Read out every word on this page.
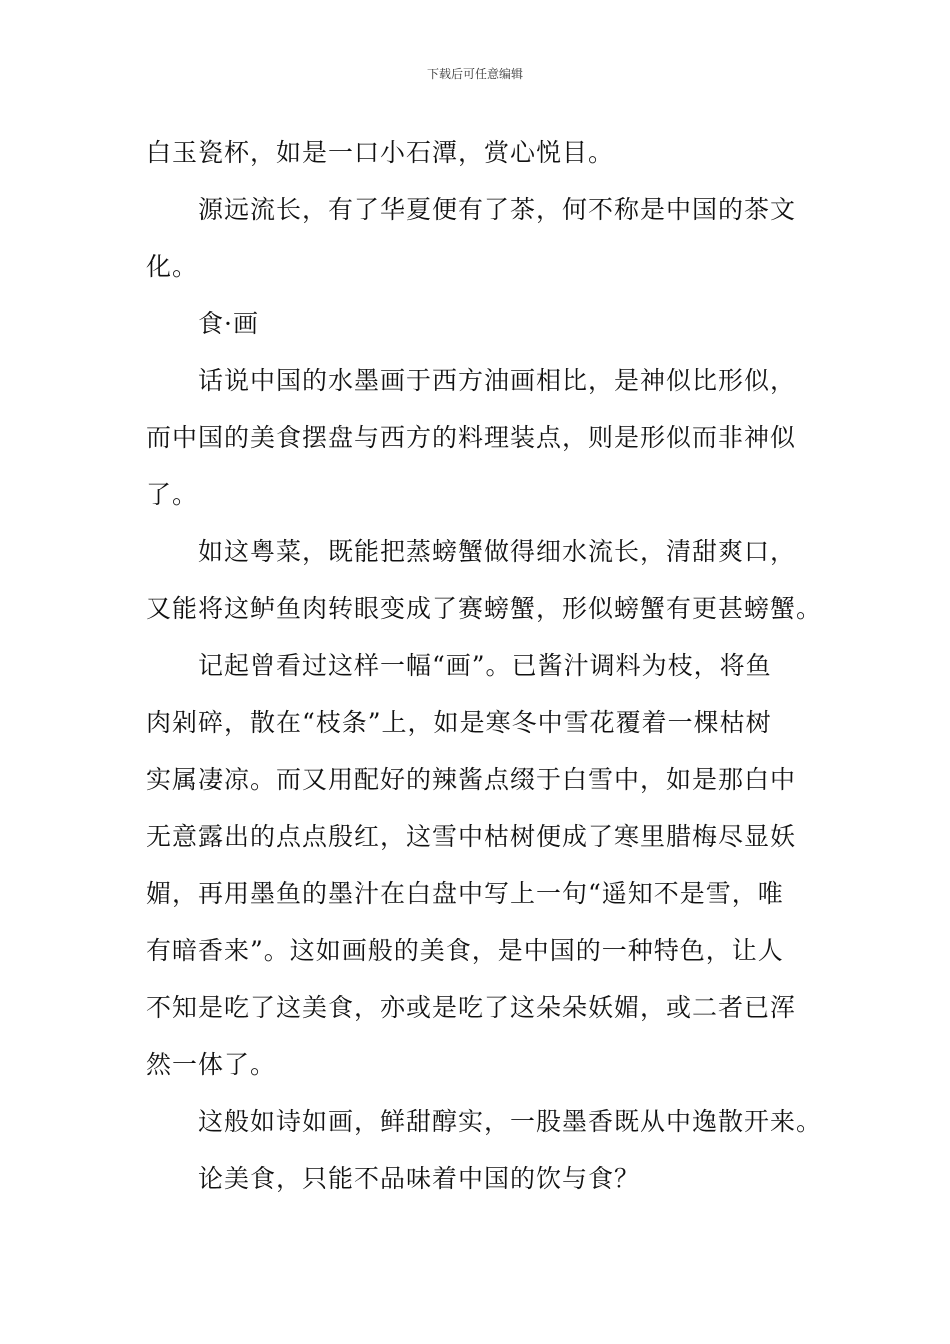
下载后可任意编辑

白玉瓷杯，如是一口小石潭，赏心悦目。

源远流长，有了华夏便有了茶，何不称是中国的茶文
化。

食·画

话说中国的水墨画于西方油画相比，是神似比形似，
而中国的美食摆盘与西方的料理装点，则是形似而非神似
了。

如这粤菜，既能把蒸螃蟹做得细水流长，清甜爽口，
又能将这鲈鱼肉转眼变成了赛螃蟹，形似螃蟹有更甚螃蟹。

记起曾看过这样一幅“画”。已酱汁调料为枝，将鱼
肉剁碎，散在“枝条”上，如是寒冬中雪花覆着一棵枯树
实属凄凉。而又用配好的辣酱点缀于白雪中，如是那白中
无意露出的点点殷红，这雪中枯树便成了寒里腊梅尽显妖
媚，再用墨鱼的墨汁在白盘中写上一句“遥知不是雪，唯
有暗香来”。这如画般的美食，是中国的一种特色，让人
不知是吃了这美食，亦或是吃了这朵朵妖媚，或二者已浑
然一体了。

这般如诗如画，鲜甜醇实，一股墨香既从中逸散开来。

论美食，只能不品味着中国的饮与食？
